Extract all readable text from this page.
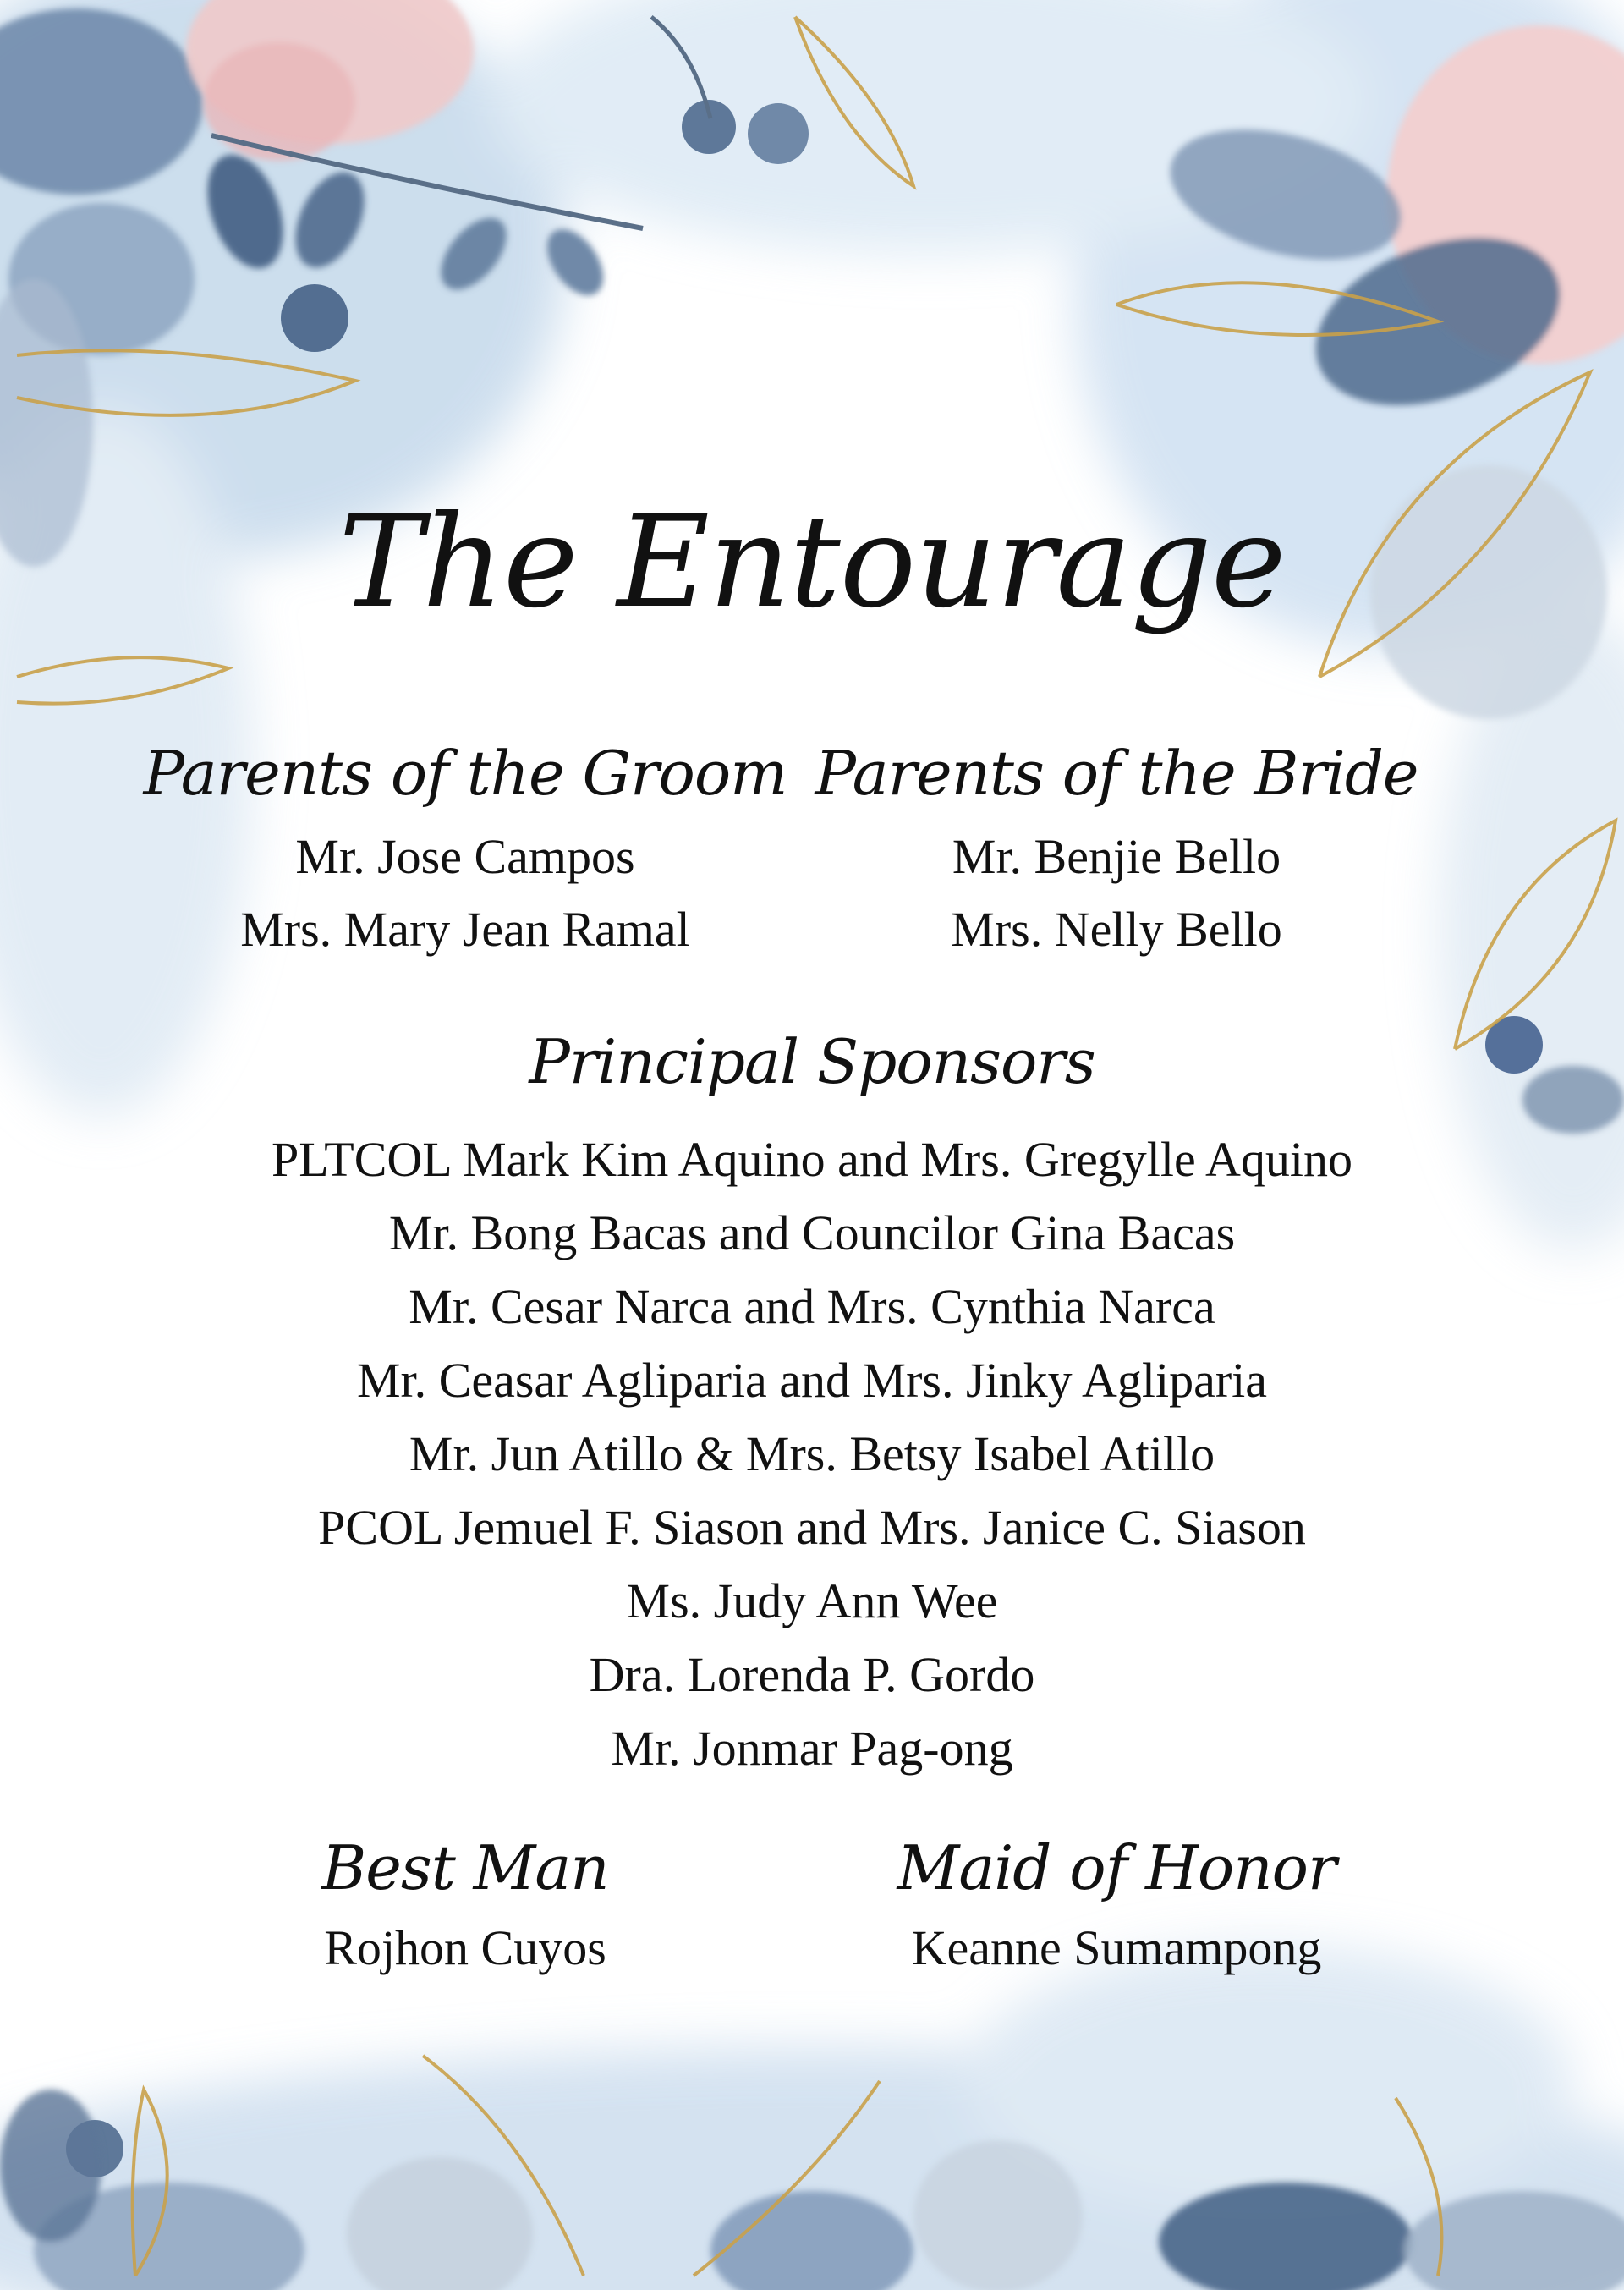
The Entourage
Parents of the Groom
Mr. Jose Campos
Mrs. Mary Jean Ramal
Parents of the Bride
Mr. Benjie Bello
Mrs. Nelly Bello
Principal Sponsors
PLTCOL Mark Kim Aquino and Mrs. Gregylle Aquino
Mr. Bong Bacas and Councilor Gina Bacas
Mr. Cesar Narca and Mrs. Cynthia Narca
Mr. Ceasar Agliparia and Mrs. Jinky Agliparia
Mr. Jun Atillo & Mrs. Betsy Isabel Atillo
PCOL Jemuel F. Siason and Mrs. Janice C. Siason
Ms. Judy Ann Wee
Dra. Lorenda P. Gordo
Mr. Jonmar Pag-ong
Best Man
Rojhon Cuyos
Maid of Honor
Keanne Sumampong
